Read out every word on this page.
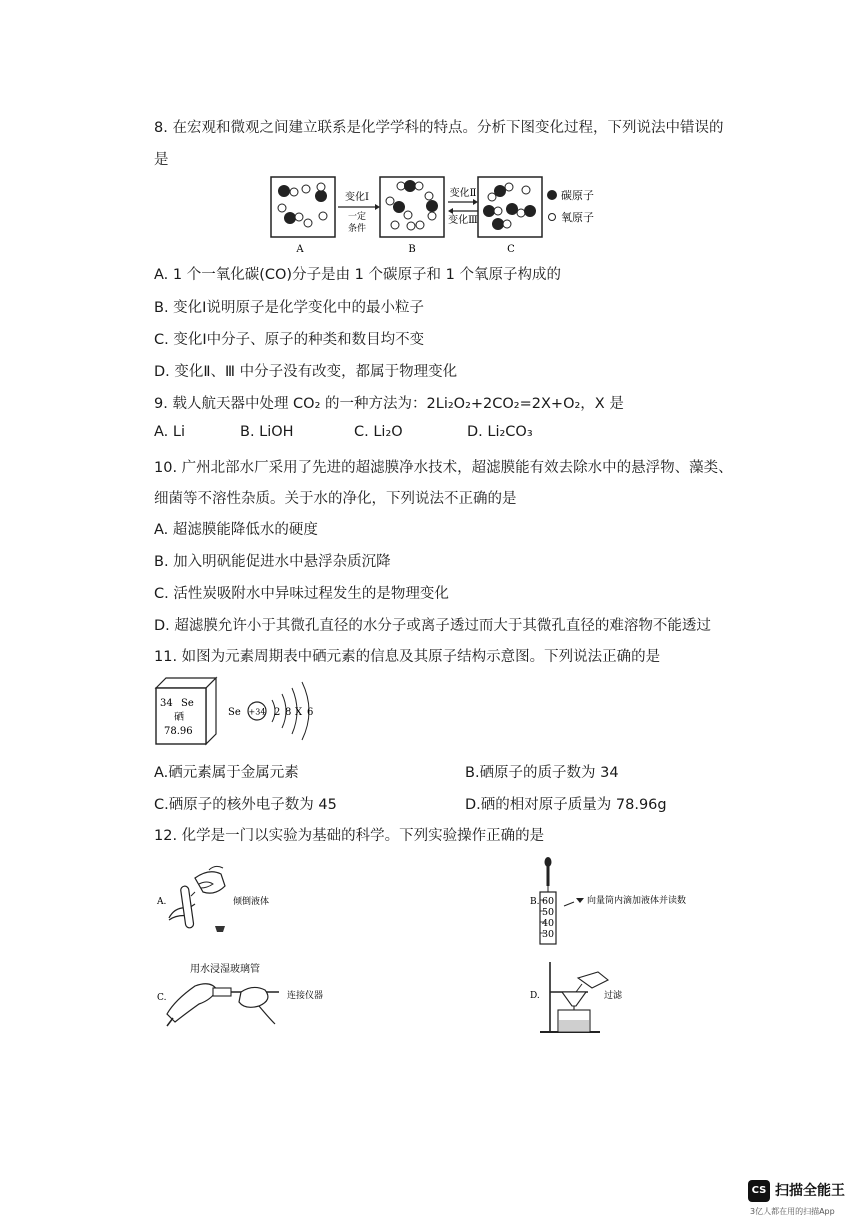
8. 在宏观和微观之间建立联系是化学学科的特点。分析下图变化过程，下列说法中错误的
是
A
变化Ⅰ
一定
条件
B
变化Ⅱ
变化Ⅲ
C
碳原子
氧原子
A. 1 个一氧化碳(CO)分子是由 1 个碳原子和 1 个氧原子构成的
B. 变化Ⅰ说明原子是化学变化中的最小粒子
C. 变化Ⅰ中分子、原子的种类和数目均不变
D. 变化Ⅱ、Ⅲ 中分子没有改变，都属于物理变化
9. 载人航天器中处理 CO₂ 的一种方法为：2Li₂O₂+2CO₂=2X+O₂，X 是
A. Li	B. LiOH	C. Li₂O	D. Li₂CO₃
10. 广州北部水厂采用了先进的超滤膜净水技术，超滤膜能有效去除水中的悬浮物、藻类、
细菌等不溶性杂质。关于水的净化，下列说法不正确的是
A. 超滤膜能降低水的硬度
B. 加入明矾能促进水中悬浮杂质沉降
C. 活性炭吸附水中异味过程发生的是物理变化
D. 超滤膜允许小于其微孔直径的水分子或离子透过而大于其微孔直径的难溶物不能透过
11. 如图为元素周期表中硒元素的信息及其原子结构示意图。下列说法正确的是
34 Se
硒
78.96
Se +34 2 8 X 6
A.硒元素属于金属元素	B.硒原子的质子数为 34
C.硒原子的核外电子数为 45	D.硒的相对原子质量为 78.96g
12. 化学是一门以实验为基础的科学。下列实验操作正确的是
A.	倾倒液体	B. 60
50
40
30
向量筒内滴加液体并读数
用水浸湿玻璃管
C.	连接仪器	D.	过滤
CS 扫描全能王
3亿人都在用的扫描App
